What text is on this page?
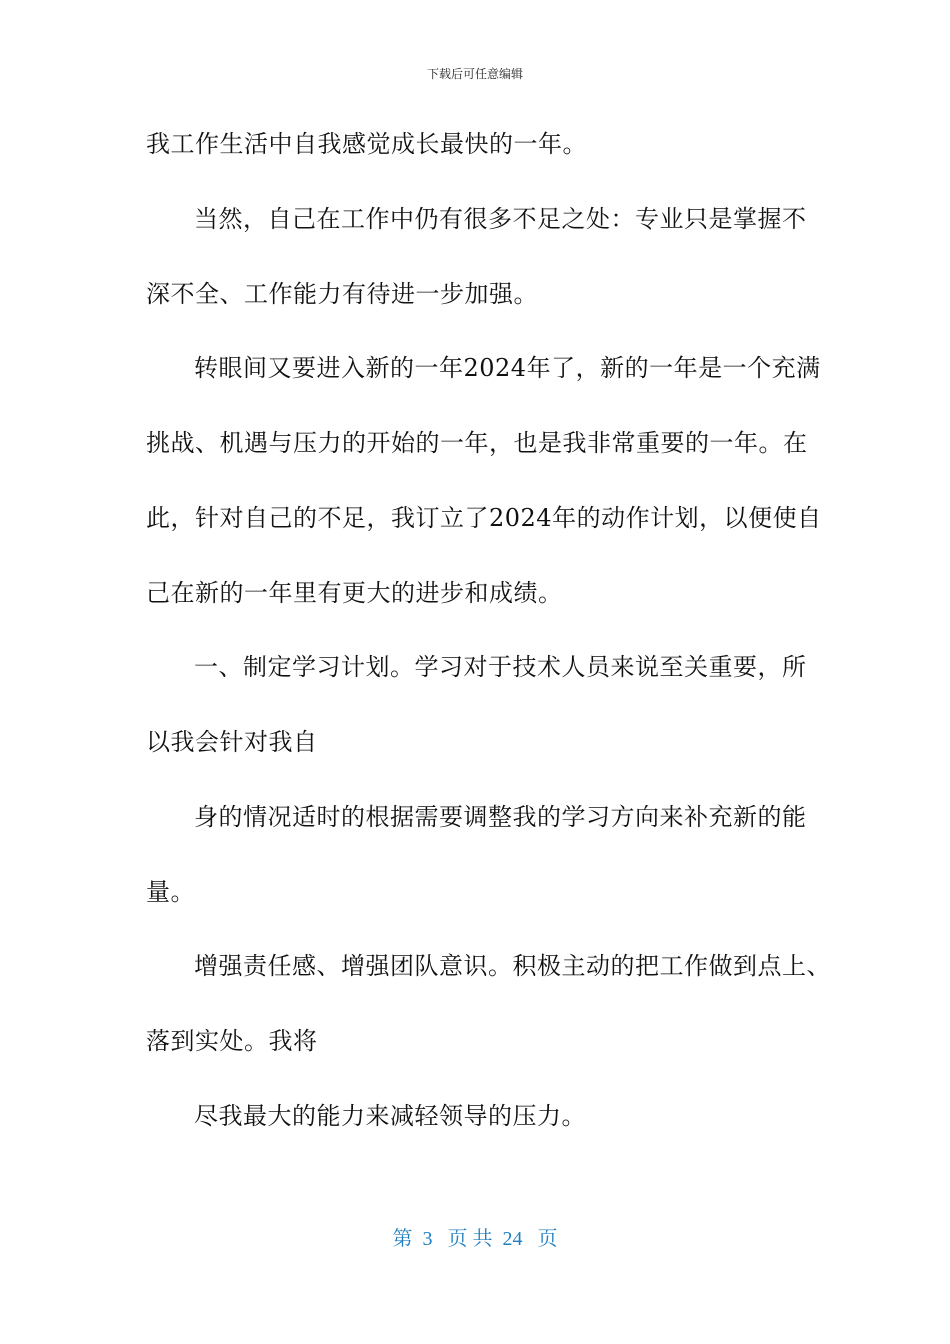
下载后可任意编辑
我工作生活中自我感觉成长最快的一年。
当然，自己在工作中仍有很多不足之处：专业只是掌握不
深不全、工作能力有待进一步加强。
转眼间又要进入新的一年2024年了，新的一年是一个充满
挑战、机遇与压力的开始的一年，也是我非常重要的一年。在
此，针对自己的不足，我订立了2024年的动作计划，以便使自
己在新的一年里有更大的进步和成绩。
一、制定学习计划。学习对于技术人员来说至关重要，所
以我会针对我自
身的情况适时的根据需要调整我的学习方向来补充新的能
量。
增强责任感、增强团队意识。积极主动的把工作做到点上、
落到实处。我将
尽我最大的能力来减轻领导的压力。
第  3   页 共  24   页
